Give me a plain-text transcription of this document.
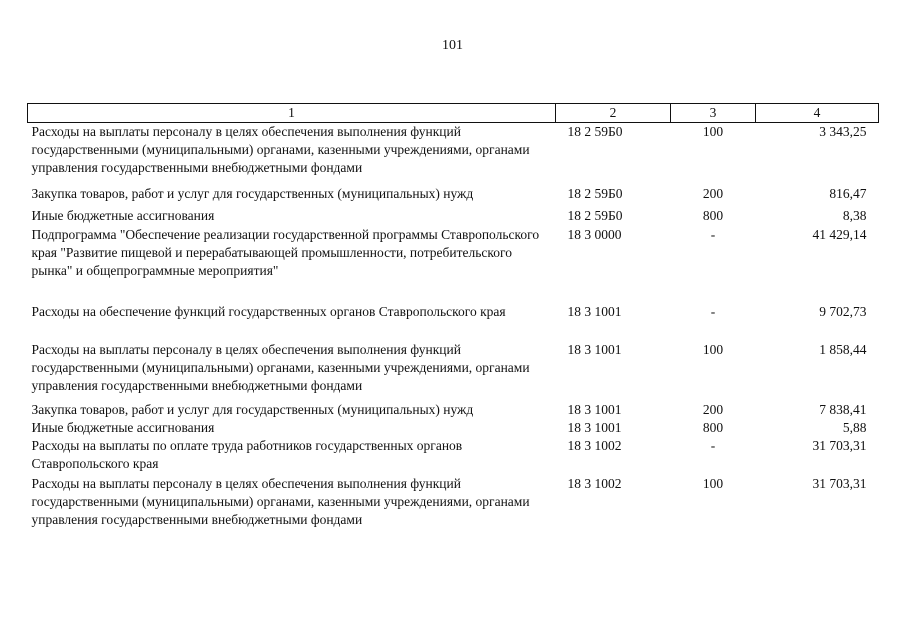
101
1	2	3	4
Расходы на выплаты персоналу в целях обеспечения выполнения функций государственными (муниципальными) органами, казенными учреждениями, органами управления государственными внебюджетными фондами	18 2 59Б0	100	3 343,25
Закупка товаров, работ и услуг для государственных (муниципальных) нужд	18 2 59Б0	200	816,47
Иные бюджетные ассигнования	18 2 59Б0	800	8,38
Подпрограмма "Обеспечение реализации государственной программы Ставропольского края "Развитие пищевой и перерабатывающей промышленности, потребительского рынка" и общепрограммные мероприятия"	18 3 0000	-	41 429,14
Расходы на обеспечение функций государственных органов Ставропольского края	18 3 1001	-	9 702,73
Расходы на выплаты персоналу в целях обеспечения выполнения функций государственными (муниципальными) органами, казенными учреждениями, органами управления государственными внебюджетными фондами	18 3 1001	100	1 858,44
Закупка товаров, работ и услуг для государственных (муниципальных) нужд	18 3 1001	200	7 838,41
Иные бюджетные ассигнования	18 3 1001	800	5,88
Расходы на выплаты по оплате труда работников государственных органов Ставропольского края	18 3 1002	-	31 703,31
Расходы на выплаты персоналу в целях обеспечения выполнения функций государственными (муниципальными) органами, казенными учреждениями, органами управления государственными внебюджетными фондами	18 3 1002	100	31 703,31
